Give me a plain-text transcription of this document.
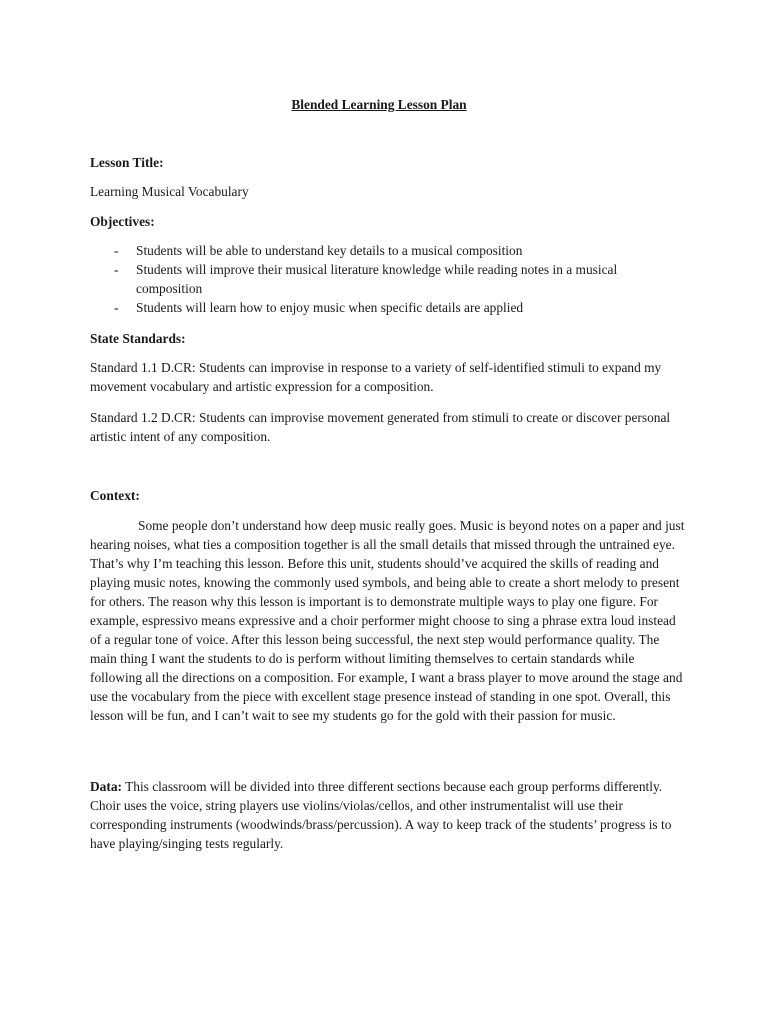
Blended Learning Lesson Plan

Lesson Title:

Learning Musical Vocabulary

Objectives:

- Students will be able to understand key details to a musical composition
- Students will improve their musical literature knowledge while reading notes in a musical composition
- Students will learn how to enjoy music when specific details are applied

State Standards:

Standard 1.1 D.CR: Students can improvise in response to a variety of self-identified stimuli to expand my movement vocabulary and artistic expression for a composition.

Standard 1.2 D.CR: Students can improvise movement generated from stimuli to create or discover personal artistic intent of any composition.

Context:

Some people don’t understand how deep music really goes. Music is beyond notes on a paper and just hearing noises, what ties a composition together is all the small details that missed through the untrained eye. That’s why I’m teaching this lesson. Before this unit, students should’ve acquired the skills of reading and playing music notes, knowing the commonly used symbols, and being able to create a short melody to present for others. The reason why this lesson is important is to demonstrate multiple ways to play one figure. For example, espressivo means expressive and a choir performer might choose to sing a phrase extra loud instead of a regular tone of voice. After this lesson being successful, the next step would performance quality. The main thing I want the students to do is perform without limiting themselves to certain standards while following all the directions on a composition. For example, I want a brass player to move around the stage and use the vocabulary from the piece with excellent stage presence instead of standing in one spot. Overall, this lesson will be fun, and I can’t wait to see my students go for the gold with their passion for music.

Data: This classroom will be divided into three different sections because each group performs differently. Choir uses the voice, string players use violins/violas/cellos, and other instrumentalist will use their corresponding instruments (woodwinds/brass/percussion). A way to keep track of the students’ progress is to have playing/singing tests regularly.
